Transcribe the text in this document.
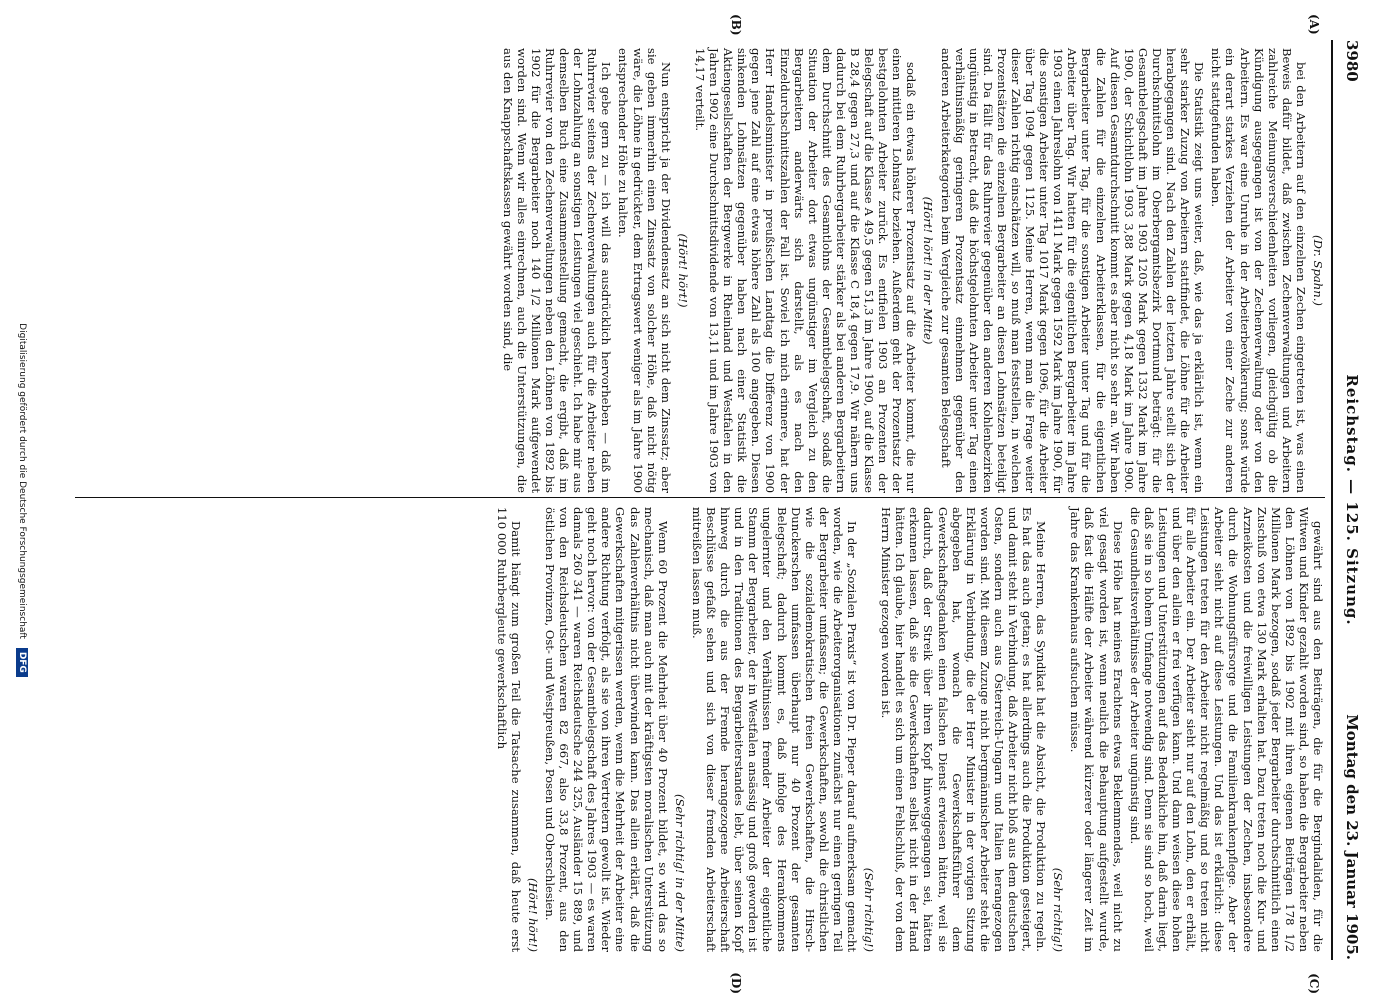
3980
Reichstag. — 125. Sitzung.
Montag den 23. Januar 1905.
(A)
(B)
(C)
(D)

(Dr. Spahn.)

bei den Arbeitern auf den einzelnen Zechen eingetreten ist, was einen Beweis dafür bildet, daß zwischen Zechenverwaltungen und Arbeitern zahlreiche Meinungsverschiedenheiten vorliegen, gleichgültig ob die Kündigung ausgegangen ist von der Zechenverwaltung oder von den Arbeitern. Es war eine Unruhe in der Arbeiterbevölkerung; sonst würde ein derart starkes Verziehen der Arbeiter von einer Zeche zur anderen nicht stattgefunden haben.

Die Statistik zeigt uns weiter, daß, wie das ja erklärlich ist, wenn ein sehr starker Zuzug von Arbeitern stattfindet, die Löhne für die Arbeiter herabgegangen sind. Nach den Zahlen der letzten Jahre stellt sich der Durchschnittslohn im Oberbergamtsbezirk Dortmund beträgt: für die Gesamtbelegschaft im Jahre 1903 1205 Mark gegen 1332 Mark im Jahre 1900, der Schichtlohn 1903 3,88 Mark gegen 4,18 Mark im Jahre 1900. Auf diesen Gesamtdurchschnitt kommt es aber nicht so sehr an. Wir haben die Zahlen für die einzelnen Arbeiterklassen, für die eigentlichen Bergarbeiter unter Tag, für die sonstigen Arbeiter unter Tag und für die Arbeiter über Tag. Wir hatten für die eigentlichen Bergarbeiter im Jahre 1903 einen Jahreslohn von 1411 Mark gegen 1592 Mark im Jahre 1900, für die sonstigen Arbeiter unter Tag 1017 Mark gegen 1096, für die Arbeiter über Tag 1094 gegen 1125. Meine Herren, wenn man die Frage weiter dieser Zahlen richtig einschätzen will, so muß man feststellen, in welchen Prozentsätzen die einzelnen Bergarbeiter an diesen Lohnsätzen beteiligt sind. Da fällt für das Ruhrrevier gegenüber den anderen Kohlenbezirken ungünstig in Betracht, daß die höchstgelohnten Arbeiter unter Tag einen verhältnismäßig geringeren Prozentsatz einnehmen gegenüber den anderen Arbeiterkategorien beim Vergleiche zur gesamten Belegschaft

(Hört! hört! in der Mitte)

sodaß ein etwas höherer Prozentsatz auf die Arbeiter kommt, die nur einen mittleren Lohnsatz beziehen. Außerdem geht der Prozentsatz der bestgelohnten Arbeiter zurück. Es entfielen 1903 an Prozenten der Belegschaft auf die Klasse A 49,5 gegen 51,3 im Jahre 1900, auf die Klasse B 28,4 gegen 27,3 und auf die Klasse C 18,4 gegen 17,9. Wir nähern uns dadurch bei dem Ruhrbergarbeiter stärker als bei anderen Bergarbeitern dem Durchschnitt des Gesamtlohns der Gesamtbelegschaft, sodaß die Situation der Arbeiter dort etwas ungünstiger im Vergleich zu den Bergarbeitern anderwärts sich darstellt, als es nach den Einzeldurchschnittszahlen der Fall ist. Soviel ich mich erinnere, hat der Herr Handelsminister in preußischen Landtag die Differenz von 1900 gegen jene Zahl auf eine etwas höhere Zahl als 100 angegeben. Diesen sinkenden Lohnsätzen gegenüber haben nach einer Statistik die Aktiengesellschaften der Bergwerke in Rheinland und Westfalen in den Jahren 1902 eine Durchschnittsdividende von 13,11 und im Jahre 1903 von 14,17 verteilt.

(Hört! hört!)

Nun entspricht ja der Dividendensatz an sich nicht dem Zinssatz; aber sie geben immerhin einen Zinssatz von solcher Höhe, daß nicht nötig wäre, die Löhne in gedrückter, dem Ertragswert weniger als im Jahre 1900 entsprechender Höhe zu halten.

Ich gebe gern zu — ich will das ausdrücklich hervorheben — daß im Ruhrrevier seitens der Zechenverwaltungen auch für die Arbeiter neben der Lohnzahlung an sonstigen Leistungen viel geschieht. Ich habe mir aus demselben Buch eine Zusammenstellung gemacht, die ergibt, daß im Ruhrrevier von den Zechenverwaltungen neben den Löhnen von 1892 bis 1902 für die Bergarbeiter noch 140 1/2 Millionen Mark aufgewendet worden sind. Wenn wir alles einrechnen, auch die Unterstützungen, die aus den Knappschaftskassen gewährt worden sind, die

gewährt sind aus den Beiträgen, die für die Bergindaliden, für die Witwen und Kinder gezahlt worden sind, so haben die Bergarbeiter neben den Löhnen von 1892 bis 1902 mit ihren eigenen Beiträgen 178 1/2 Millionen Mark bezogen, sodaß jeder Bergarbeiter durchschnittlich einen Zuschuß von etwa 130 Mark erhalten hat. Dazu treten noch die Kur- und Arzneikosten und die freiwilligen Leistungen der Zechen, insbesondere durch die Wohnungsfürsorge und die Familienkrankenpflege. Aber der Arbeiter sieht nicht auf diese Leistungen. Und das ist erklärlich: diese Leistungen treten für den Arbeiter nicht regelmäßig und so treten nicht für alle Arbeiter ein. Der Arbeiter sieht nur auf den Lohn, den er erhält, und über den allein er frei verfügen kann. Und dann weisen diese hohen Leistungen und Unterstützungen auf das Bedenkliche hin, daß darin liegt, daß sie in so hohem Umfange notwendig sind. Denn sie sind so hoch, weil die Gesundheitsverhältnisse der Arbeiter ungünstig sind.

Diese Höhe hat meines Erachtens etwas Beklemmendes, weil nicht zu viel gesagt worden ist, wenn neulich die Behauptung aufgestellt wurde, daß fast die Hälfte der Arbeiter während kürzerer oder längerer Zeit im Jahre das Krankenhaus aufsuchen müsse.

(Sehr richtig!)

Meine Herren, das Syndikat hat die Absicht, die Produktion zu regeln. Es hat das auch getan; es hat allerdings auch die Produktion gesteigert, und damit steht in Verbindung, daß Arbeiter nicht bloß aus dem deutschen Osten, sondern auch aus Österreich-Ungarn und Italien herangezogen worden sind. Mit diesem Zuzuge nicht bergmännischer Arbeiter steht die Erklärung in Verbindung, die der Herr Minister in der vorigen Sitzung abgegeben hat, wonach die Gewerkschaftsführer dem Gewerkschaftsgedanken einen falschen Dienst erwiesen hätten, weil sie dadurch, daß der Streik über ihren Kopf hinweggegangen sei, hätten erkennen lassen, daß sie die Gewerkschaften selbst nicht in der Hand hätten. Ich glaube, hier handelt es sich um einen Fehlschluß, der von dem Herrn Minister gezogen worden ist.

(Sehr richtig!)

In der „Sozialen Praxis“ ist von Dr. Pieper darauf aufmerksam gemacht worden, wie die Arbeiterorganisationen zunächst nur einen geringen Teil der Bergarbeiter umfassen; die Gewerkschaften, sowohl die christlichen wie die sozialdemokratischen freien Gewerkschaften, die Hirsch-Dunckerschen umfassen überhaupt nur 40 Prozent der gesamten Belegschaft; dadurch kommt es, daß infolge des Herankommens ungelernter und den Verhältnissen fremder Arbeiter der eigentliche Stamm der Bergarbeiter, der in Westfalen ansässig und groß geworden ist und in den Traditionen des Bergarbeiterstandes lebt, über seinen Kopf hinweg durch die aus der Fremde herangezogene Arbeiterschaft Beschlüsse gefaßt sehen und sich von dieser fremden Arbeiterschaft mitreißen lassen muß.

(Sehr richtig! in der Mitte)

Wenn 60 Prozent die Mehrheit über 40 Prozent bildet, so wird das so mechanisch, daß man auch mit der kräftigsten moralischen Unterstützung das Zahlenverhältnis nicht überwinden kann. Das allein erklärt, daß die Gewerkschaften mitgerissen werden, wenn die Mehrheit der Arbeiter eine andere Richtung verfolgt, als sie von ihren Vertretern gewollt ist. Wieder geht noch hervor: von der Gesamtbelegschaft des Jahres 1903 — es waren damals 260 341 — waren Reichsdeutsche 244 325, Ausländer 15 889, und von den Reichsdeutschen waren 82 667, also 33,8 Prozent, aus den östlichen Provinzen, Ost- und Westpreußen, Posen und Oberschlesien.

(Hört! hört!)

Damit hängt zum großen Teil die Tatsache zusammen, daß heute erst 110 000 Ruhrbergleute gewerkschaftlich

Digitalisierung gefördert durch die Deutsche Forschungsgemeinschaft DFG
